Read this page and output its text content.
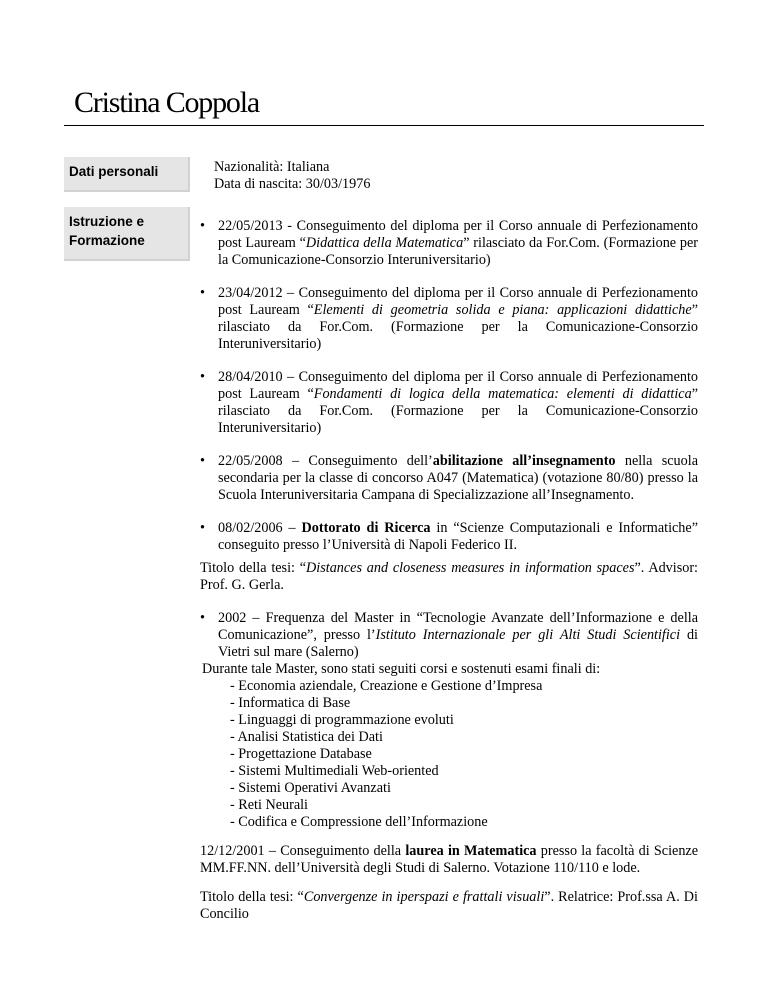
Cristina Coppola
Dati personali	Nazionalità: Italiana
Data di nascita: 30/03/1976
Istruzione e
Formazione
• 22/05/2013 - Conseguimento del diploma per il Corso annuale di Perfezionamento post Lauream “Didattica della Matematica” rilasciato da For.Com. (Formazione per la Comunicazione-Consorzio Interuniversitario)
• 23/04/2012 – Conseguimento del diploma per il Corso annuale di Perfezionamento post Lauream “Elementi di geometria solida e piana: applicazioni didattiche” rilasciato da For.Com. (Formazione per la Comunicazione-Consorzio Interuniversitario)
• 28/04/2010 – Conseguimento del diploma per il Corso annuale di Perfezionamento post Lauream “Fondamenti di logica della matematica: elementi di didattica” rilasciato da For.Com. (Formazione per la Comunicazione-Consorzio Interuniversitario)
• 22/05/2008 – Conseguimento dell’abilitazione all’insegnamento nella scuola secondaria per la classe di concorso A047 (Matematica) (votazione 80/80) presso la Scuola Interuniversitaria Campana di Specializzazione all’Insegnamento.
• 08/02/2006 – Dottorato di Ricerca in “Scienze Computazionali e Informatiche” conseguito presso l’Università di Napoli Federico II.
Titolo della tesi: “Distances and closeness measures in information spaces”. Advisor: Prof. G. Gerla.
• 2002 – Frequenza del Master in “Tecnologie Avanzate dell’Informazione e della Comunicazione”, presso l’Istituto Internazionale per gli Alti Studi Scientifici di Vietri sul mare (Salerno)
Durante tale Master, sono stati seguiti corsi e sostenuti esami finali di:
- Economia aziendale, Creazione e Gestione d’Impresa
- Informatica di Base
- Linguaggi di programmazione evoluti
- Analisi Statistica dei Dati
- Progettazione Database
- Sistemi Multimediali Web-oriented
- Sistemi Operativi Avanzati
- Reti Neurali
- Codifica e Compressione dell’Informazione
12/12/2001 – Conseguimento della laurea in Matematica presso la facoltà di Scienze MM.FF.NN. dell’Università degli Studi di Salerno. Votazione 110/110 e lode.
Titolo della tesi: “Convergenze in iperspazi e frattali visuali”. Relatrice: Prof.ssa A. Di Concilio
